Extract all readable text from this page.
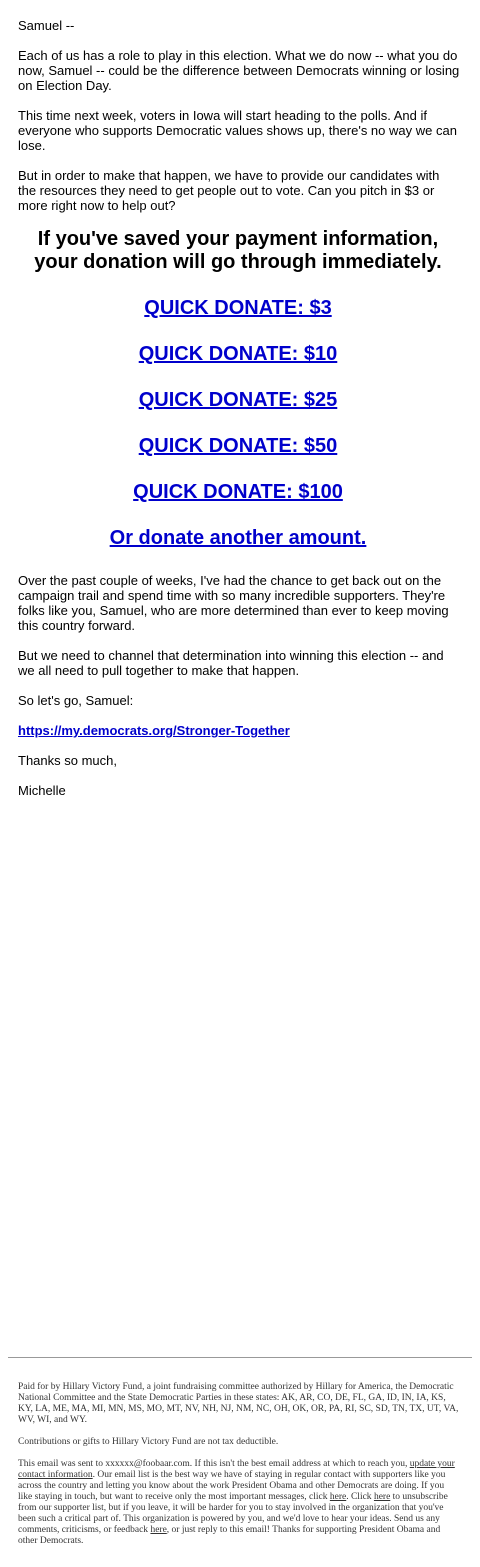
Samuel --

Each of us has a role to play in this election. What we do now -- what you do now, Samuel -- could be the difference between Democrats winning or losing on Election Day.

This time next week, voters in Iowa will start heading to the polls. And if everyone who supports Democratic values shows up, there's no way we can lose.

But in order to make that happen, we have to provide our candidates with the resources they need to get people out to vote. Can you pitch in $3 or more right now to help out?

If you've saved your payment information, your donation will go through immediately.

QUICK DONATE: $3
QUICK DONATE: $10
QUICK DONATE: $25
QUICK DONATE: $50
QUICK DONATE: $100
Or donate another amount.

Over the past couple of weeks, I've had the chance to get back out on the campaign trail and spend time with so many incredible supporters. They're folks like you, Samuel, who are more determined than ever to keep moving this country forward.

But we need to channel that determination into winning this election -- and we all need to pull together to make that happen.

So let's go, Samuel:

https://my.democrats.org/Stronger-Together

Thanks so much,

Michelle

Paid for by Hillary Victory Fund, a joint fundraising committee authorized by Hillary for America, the Democratic National Committee and the State Democratic Parties in these states: AK, AR, CO, DE, FL, GA, ID, IN, IA, KS, KY, LA, ME, MA, MI, MN, MS, MO, MT, NV, NH, NJ, NM, NC, OH, OK, OR, PA, RI, SC, SD, TN, TX, UT, VA, WV, WI, and WY.

Contributions or gifts to Hillary Victory Fund are not tax deductible.

This email was sent to xxxxxx@foobaar.com. If this isn't the best email address at which to reach you, update your contact information. Our email list is the best way we have of staying in regular contact with supporters like you across the country and letting you know about the work President Obama and other Democrats are doing. If you like staying in touch, but want to receive only the most important messages, click here. Click here to unsubscribe from our supporter list, but if you leave, it will be harder for you to stay involved in the organization that you've been such a critical part of. This organization is powered by you, and we'd love to hear your ideas. Send us any comments, criticisms, or feedback here, or just reply to this email! Thanks for supporting President Obama and other Democrats.
